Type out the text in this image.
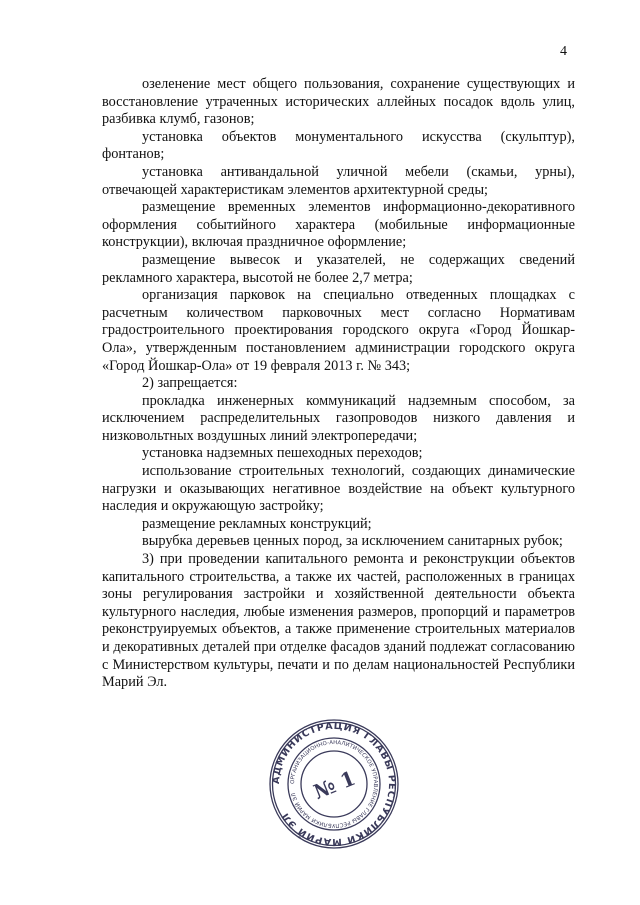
4

озеленение мест общего пользования, сохранение существующих и восстановление утраченных исторических аллейных посадок вдоль улиц, разбивка клумб, газонов;

установка объектов монументального искусства (скульптур), фонтанов;

установка антивандальной уличной мебели (скамьи, урны), отвечающей характеристикам элементов архитектурной среды;

размещение временных элементов информационно-декоративного оформления событийного характера (мобильные информационные конструкции), включая праздничное оформление;

размещение вывесок и указателей, не содержащих сведений рекламного характера, высотой не более 2,7 метра;

организация парковок на специально отведенных площадках с расчетным количеством парковочных мест согласно Нормативам градостроительного проектирования городского округа «Город Йошкар-Ола», утвержденным постановлением администрации городского округа «Город Йошкар-Ола» от 19 февраля 2013 г. № 343;

2) запрещается:

прокладка инженерных коммуникаций надземным способом, за исключением распределительных газопроводов низкого давления и низковольтных воздушных линий электропередачи;

установка надземных пешеходных переходов;

использование строительных технологий, создающих динамические нагрузки и оказывающих негативное воздействие на объект культурного наследия и окружающую застройку;

размещение рекламных конструкций;

вырубка деревьев ценных пород, за исключением санитарных рубок;

3) при проведении капитального ремонта и реконструкции объектов капитального строительства, а также их частей, расположенных в границах зоны регулирования застройки и хозяйственной деятельности объекта культурного наследия, любые изменения размеров, пропорций и параметров реконструируемых объектов, а также применение строительных материалов и декоративных деталей при отделке фасадов зданий подлежат согласованию с Министерством культуры, печати и по делам национальностей Республики Марий Эл.

АДМИНИСТРАЦИЯ ГЛАВЫ РЕСПУБЛИКИ МАРИЙ ЭЛ
ОРГАНИЗАЦИОННО-АНАЛИТИЧЕСКОЕ УПРАВЛЕНИЕ ГЛАВЫ РЕСПУБЛИКИ МАРИЙ ЭЛ № 1
